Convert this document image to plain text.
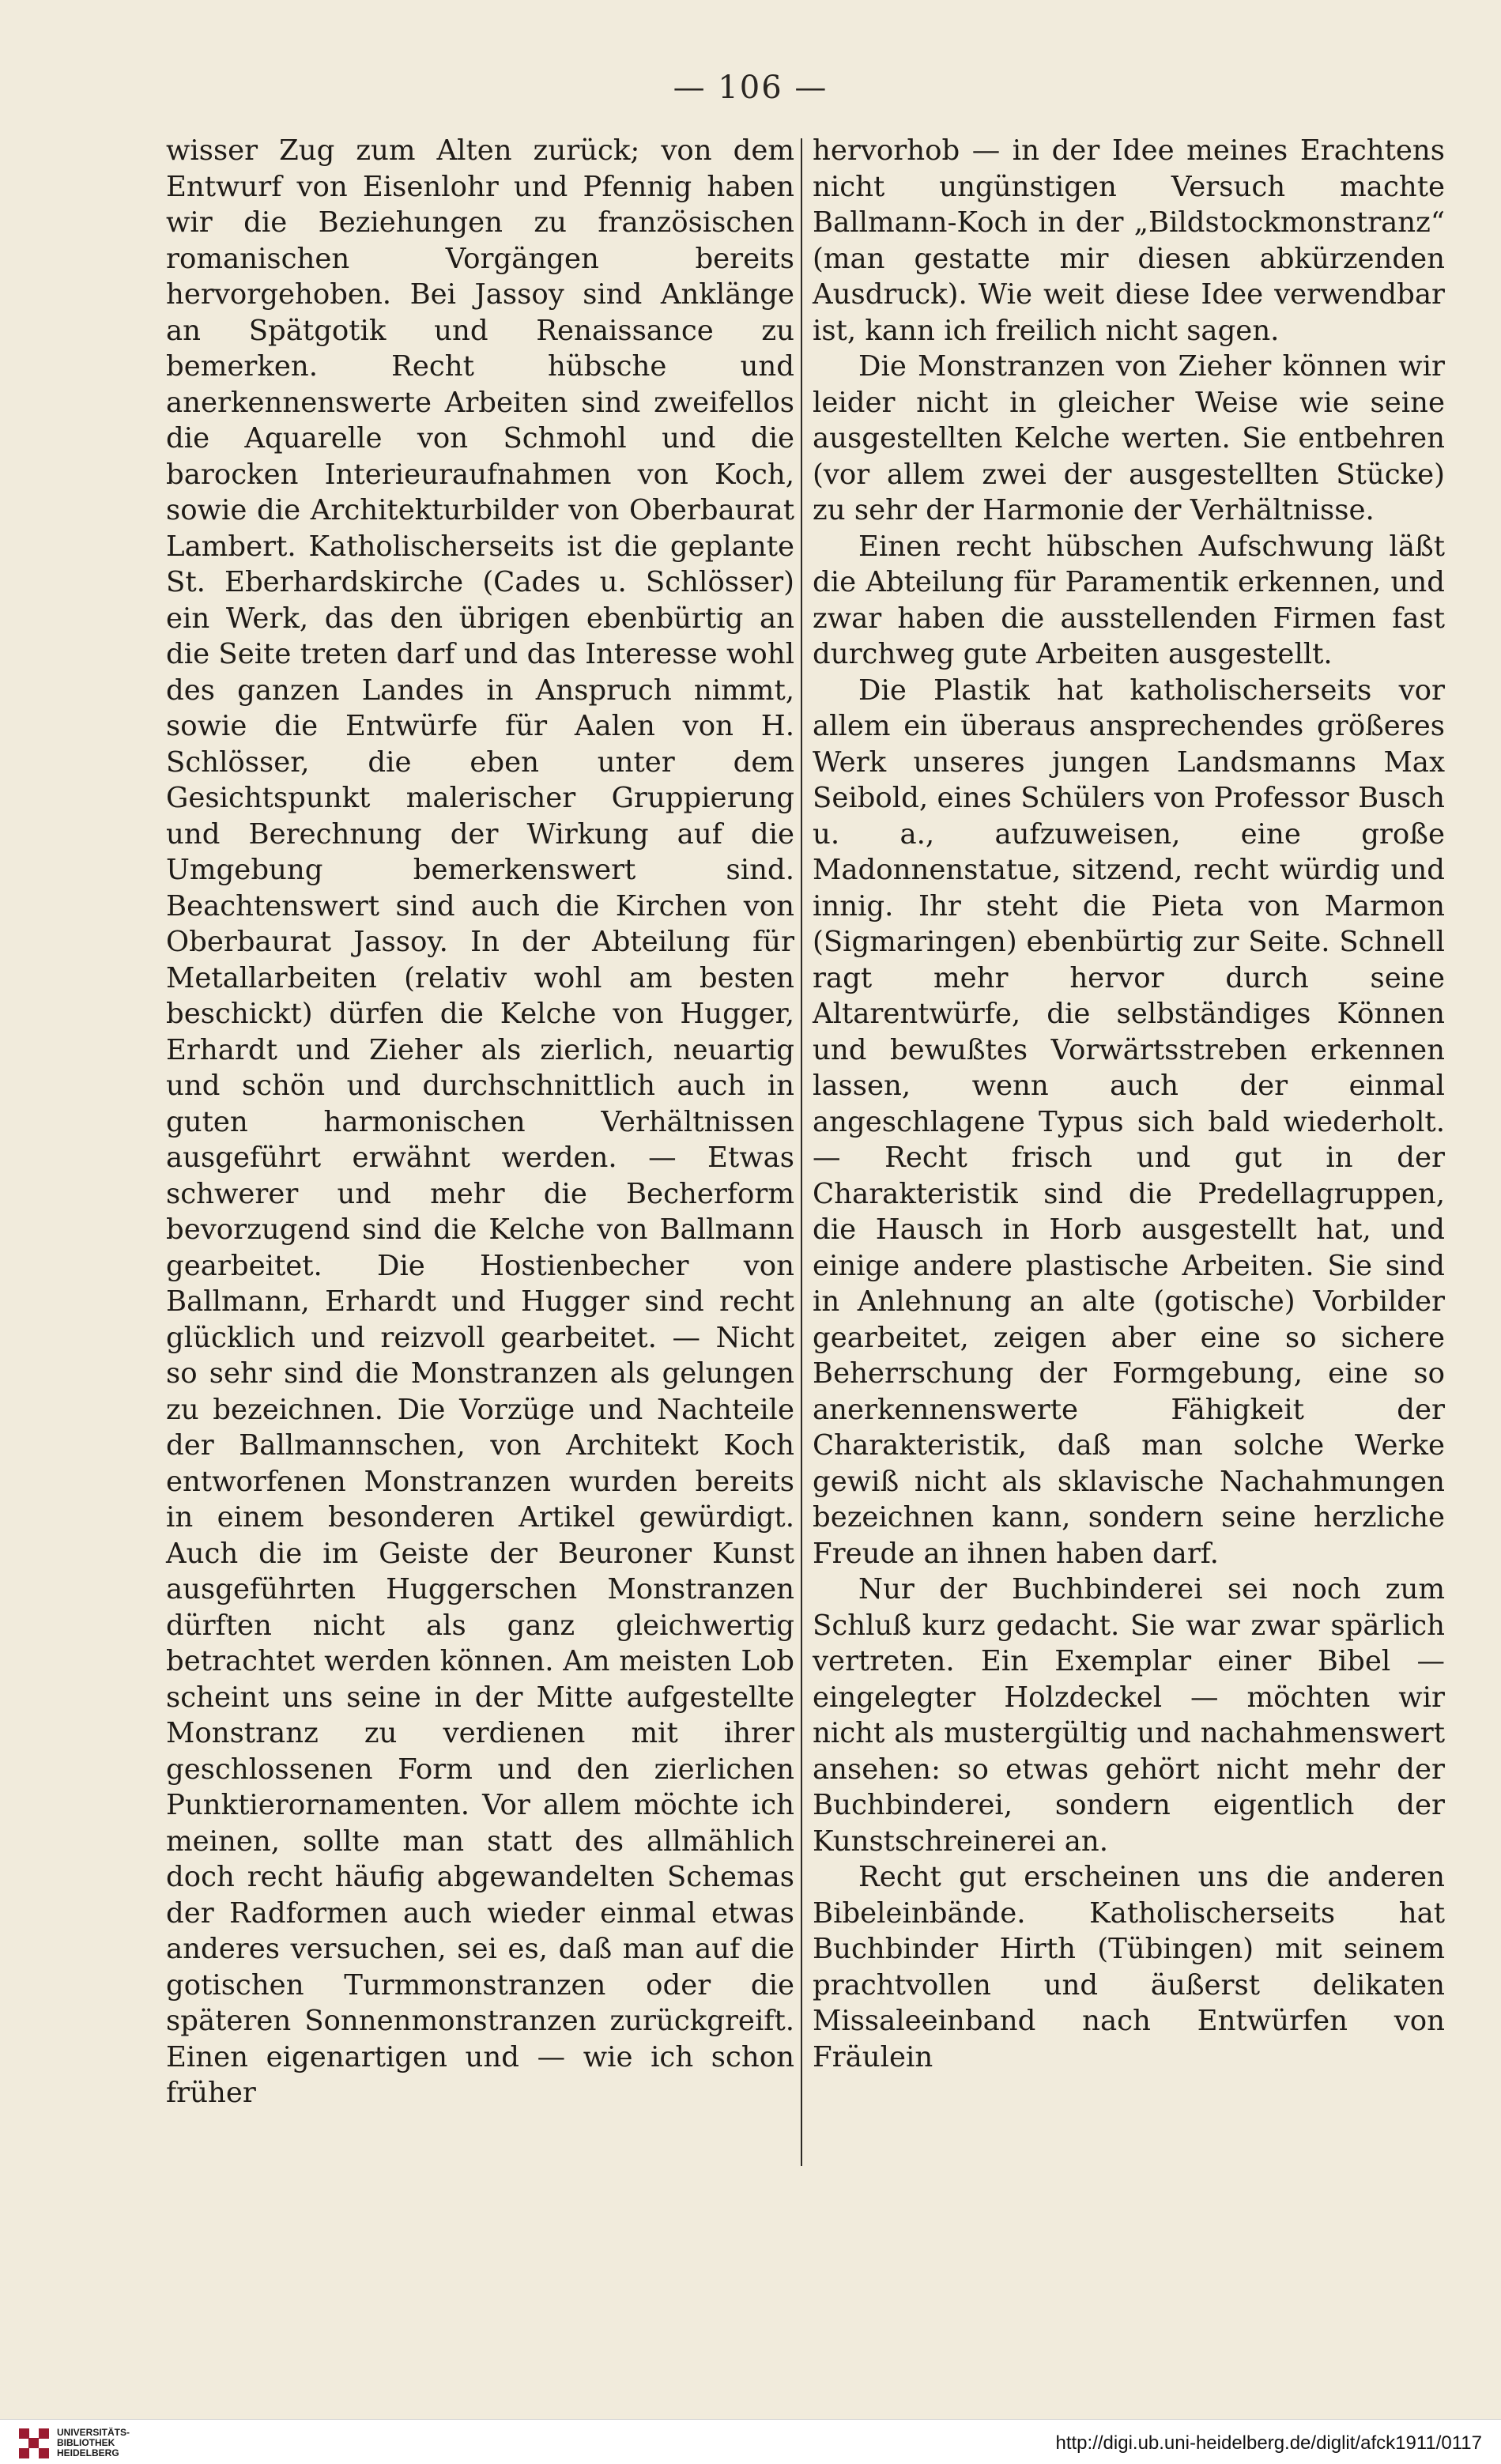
— 106 —

wisser Zug zum Alten zurück; von dem Entwurf von Eisenlohr und Pfennig haben wir die Beziehungen zu französischen romanischen Vorgängen bereits hervorgehoben. Bei Jassoy sind Anklänge an Spätgotik und Renaissance zu bemerken. Recht hübsche und anerkennenswerte Arbeiten sind zweifellos die Aquarelle von Schmohl und die barocken Interieuraufnahmen von Koch, sowie die Architekturbilder von Oberbaurat Lambert. Katholischerseits ist die geplante St. Eberhardskirche (Cades u. Schlösser) ein Werk, das den übrigen ebenbürtig an die Seite treten darf und das Interesse wohl des ganzen Landes in Anspruch nimmt, sowie die Entwürfe für Aalen von H. Schlösser, die eben unter dem Gesichtspunkt malerischer Gruppierung und Berechnung der Wirkung auf die Umgebung bemerkenswert sind. Beachtenswert sind auch die Kirchen von Oberbaurat Jassoy. In der Abteilung für Metallarbeiten (relativ wohl am besten beschickt) dürfen die Kelche von Hugger, Erhardt und Zieher als zierlich, neuartig und schön und durchschnittlich auch in guten harmonischen Verhältnissen ausgeführt erwähnt werden. — Etwas schwerer und mehr die Becherform bevorzugend sind die Kelche von Ballmann gearbeitet. Die Hostienbecher von Ballmann, Erhardt und Hugger sind recht glücklich und reizvoll gearbeitet. — Nicht so sehr sind die Monstranzen als gelungen zu bezeichnen. Die Vorzüge und Nachteile der Ballmannschen, von Architekt Koch entworfenen Monstranzen wurden bereits in einem besonderen Artikel gewürdigt. Auch die im Geiste der Beuroner Kunst ausgeführten Huggerschen Monstranzen dürften nicht als ganz gleichwertig betrachtet werden können. Am meisten Lob scheint uns seine in der Mitte aufgestellte Monstranz zu verdienen mit ihrer geschlossenen Form und den zierlichen Punktierornamenten. Vor allem möchte ich meinen, sollte man statt des allmählich doch recht häufig abgewandelten Schemas der Radformen auch wieder einmal etwas anderes versuchen, sei es, daß man auf die gotischen Turmmonstranzen oder die späteren Sonnenmonstranzen zurückgreift. Einen eigenartigen und — wie ich schon früher

hervorhob — in der Idee meines Erachtens nicht ungünstigen Versuch machte Ballmann-Koch in der „Bildstockmonstranz“ (man gestatte mir diesen abkürzenden Ausdruck). Wie weit diese Idee verwendbar ist, kann ich freilich nicht sagen.

Die Monstranzen von Zieher können wir leider nicht in gleicher Weise wie seine ausgestellten Kelche werten. Sie entbehren (vor allem zwei der ausgestellten Stücke) zu sehr der Harmonie der Verhältnisse.

Einen recht hübschen Aufschwung läßt die Abteilung für Paramentik erkennen, und zwar haben die ausstellenden Firmen fast durchweg gute Arbeiten ausgestellt.

Die Plastik hat katholischerseits vor allem ein überaus ansprechendes größeres Werk unseres jungen Landsmanns Max Seibold, eines Schülers von Professor Busch u. a., aufzuweisen, eine große Madonnenstatue, sitzend, recht würdig und innig. Ihr steht die Pieta von Marmon (Sigmaringen) ebenbürtig zur Seite. Schnell ragt mehr hervor durch seine Altarentwürfe, die selbständiges Können und bewußtes Vorwärtsstreben erkennen lassen, wenn auch der einmal angeschlagene Typus sich bald wiederholt. — Recht frisch und gut in der Charakteristik sind die Predellagruppen, die Hausch in Horb ausgestellt hat, und einige andere plastische Arbeiten. Sie sind in Anlehnung an alte (gotische) Vorbilder gearbeitet, zeigen aber eine so sichere Beherrschung der Formgebung, eine so anerkennenswerte Fähigkeit der Charakteristik, daß man solche Werke gewiß nicht als sklavische Nachahmungen bezeichnen kann, sondern seine herzliche Freude an ihnen haben darf.

Nur der Buchbinderei sei noch zum Schluß kurz gedacht. Sie war zwar spärlich vertreten. Ein Exemplar einer Bibel — eingelegter Holzdeckel — möchten wir nicht als mustergültig und nachahmenswert ansehen: so etwas gehört nicht mehr der Buchbinderei, sondern eigentlich der Kunstschreinerei an.

Recht gut erscheinen uns die anderen Bibeleinbände. Katholischerseits hat Buchbinder Hirth (Tübingen) mit seinem prachtvollen und äußerst delikaten Missaleeinband nach Entwürfen von Fräulein

UNIVERSITÄTS-
BIBLIOTHEK
HEIDELBERG	http://digi.ub.uni-heidelberg.de/diglit/afck1911/0117
